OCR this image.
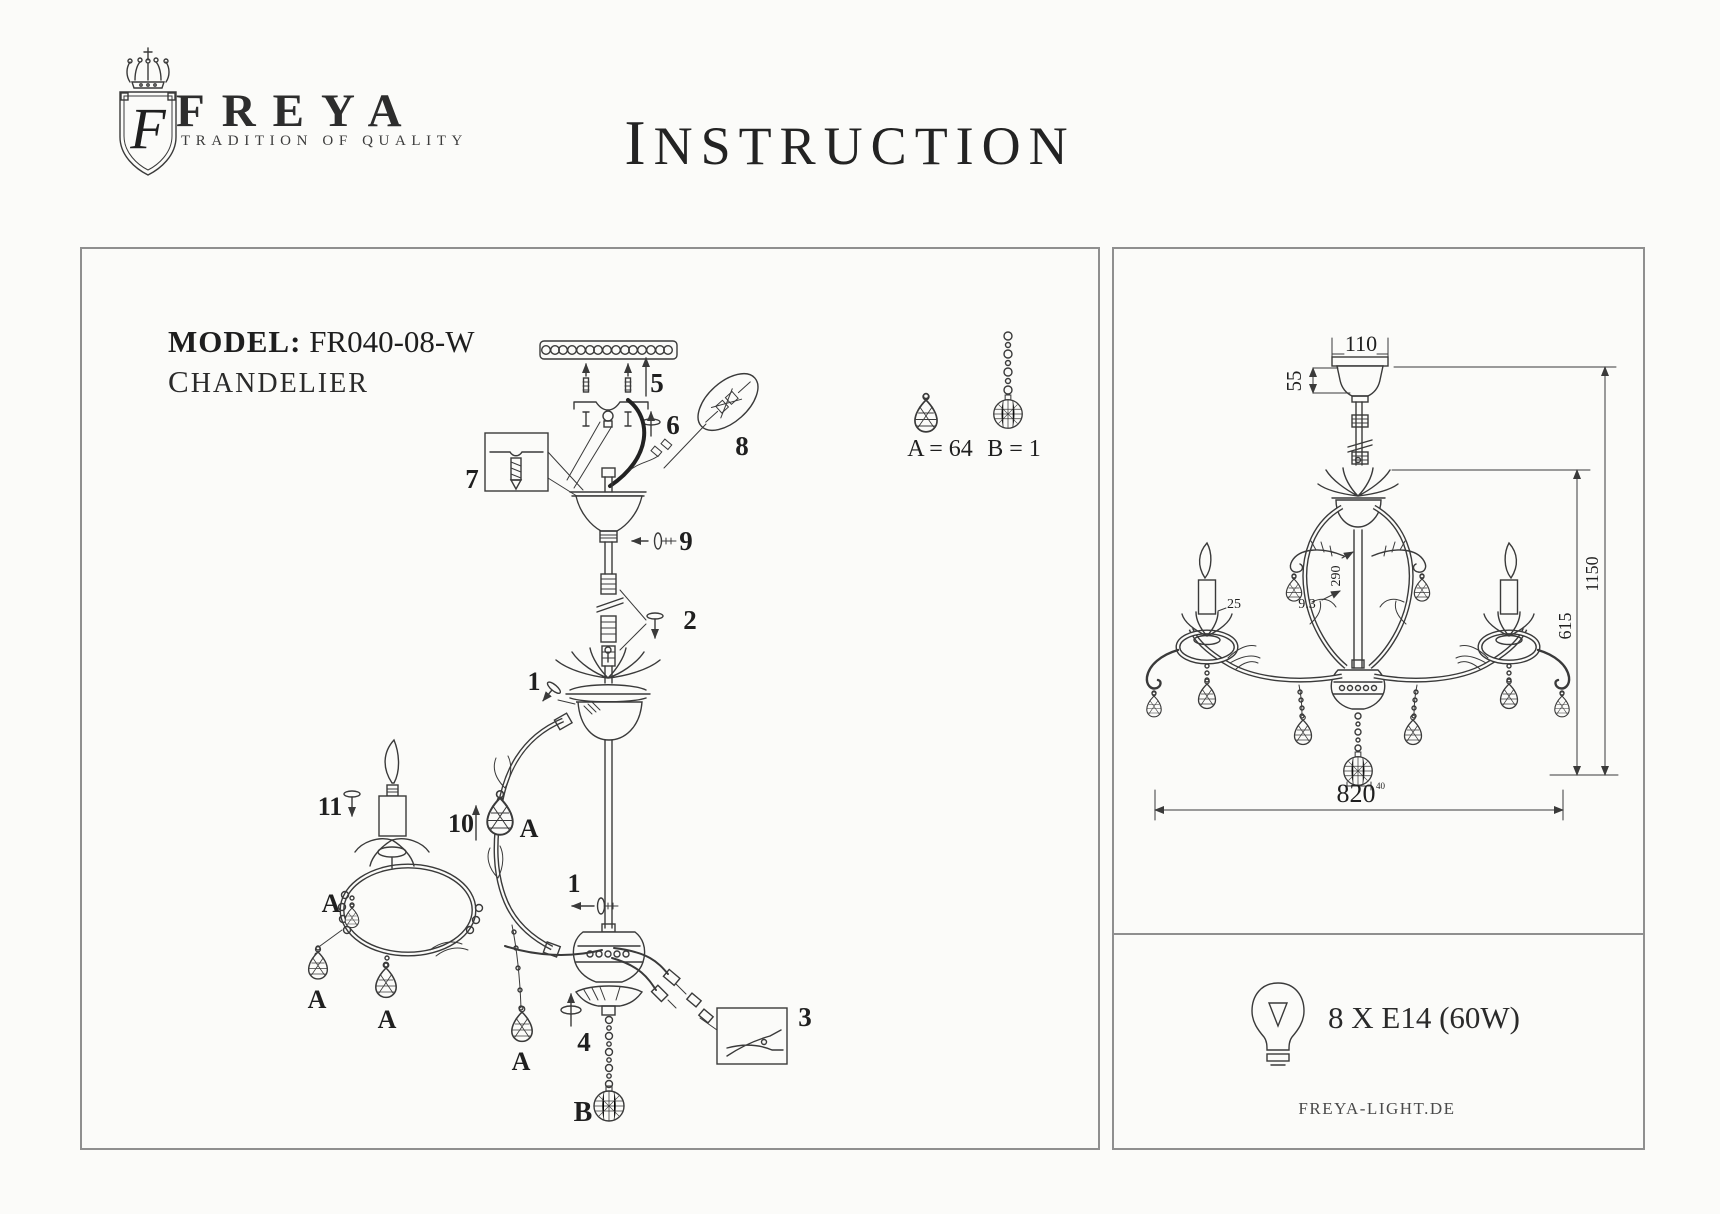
F FREYA
TRADITION OF QUALITY	INSTRUCTION
MODEL: FR040-08-W
CHANDELIER	5
6
7
8
9
2
1
11
10
1
4
3
A
A
A
A
A
B
A = 64 B = 1
110
55
290
9.3
25
615
1150
820 40
8 X E14 (60W)
FREYA-LIGHT.DE
